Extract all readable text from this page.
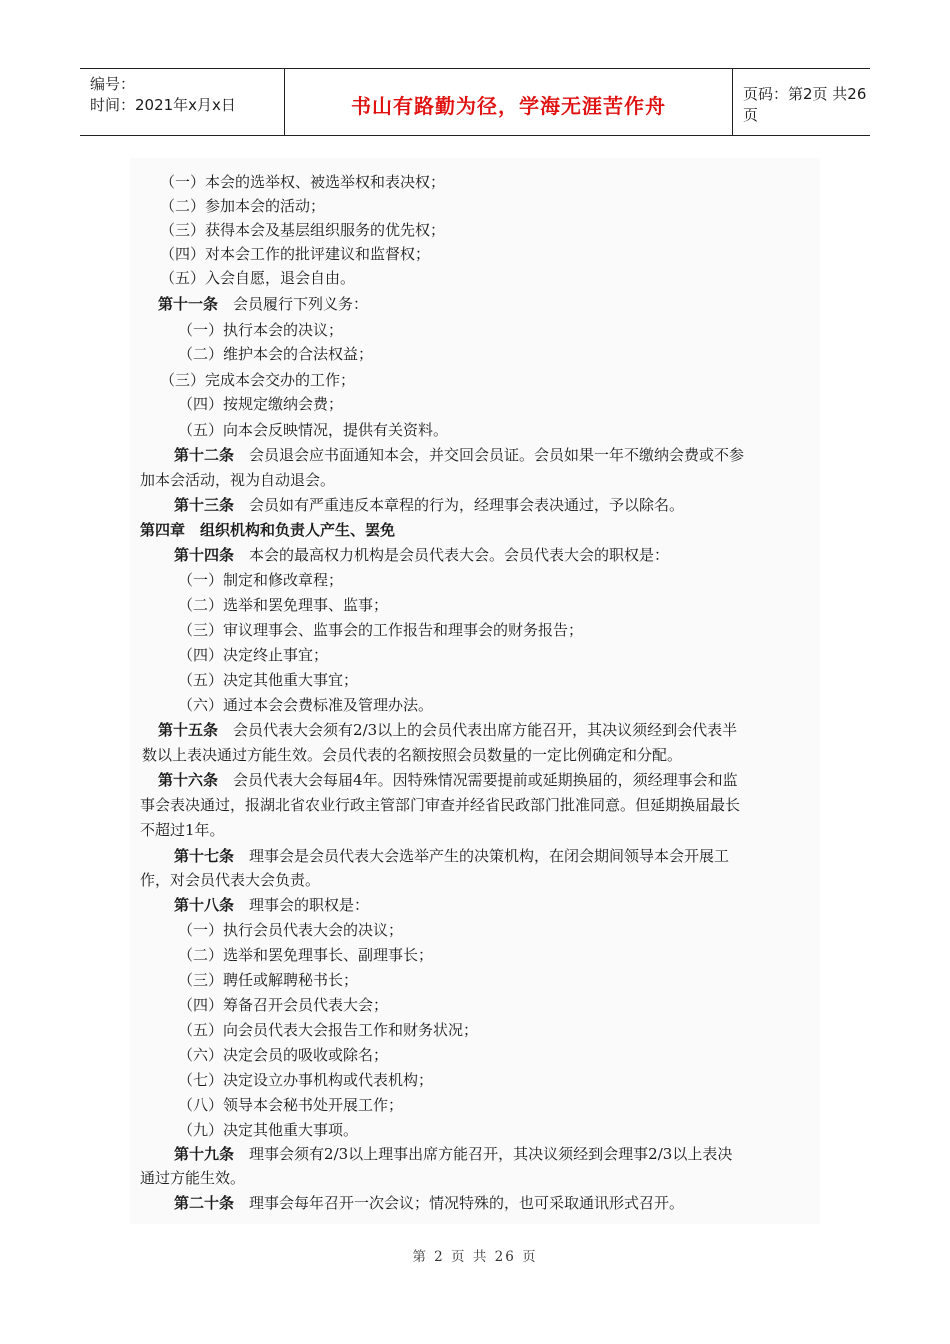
编号：
时间：2021年x月x日	书山有路勤为径，学海无涯苦作舟	页码：第2页 共26页
（一）本会的选举权、被选举权和表决权；
（二）参加本会的活动；
（三）获得本会及基层组织服务的优先权；
（四）对本会工作的批评建议和监督权；
（五）入会自愿，退会自由。
第十一条　 会员履行下列义务：
（一）执行本会的决议；
（二）维护本会的合法权益；
（三）完成本会交办的工作；
（四）按规定缴纳会费；
（五）向本会反映情况，提供有关资料。
第十二条　 会员退会应书面通知本会，并交回会员证。会员如果一年不缴纳会费或不参
加本会活动，视为自动退会。
第十三条　 会员如有严重违反本章程的行为，经理事会表决通过，予以除名。
第四章　组织机构和负责人产生、罢免
第十四条　 本会的最高权力机构是会员代表大会。会员代表大会的职权是：
（一）制定和修改章程；
（二）选举和罢免理事、监事；
（三）审议理事会、监事会的工作报告和理事会的财务报告；
（四）决定终止事宜；
（五）决定其他重大事宜；
（六）通过本会会费标准及管理办法。
第十五条　 会员代表大会须有2/3以上的会员代表出席方能召开，其决议须经到会代表半
数以上表决通过方能生效。会员代表的名额按照会员数量的一定比例确定和分配。
第十六条　 会员代表大会每届4年。因特殊情况需要提前或延期换届的，须经理事会和监
事会表决通过，报湖北省农业行政主管部门审查并经省民政部门批准同意。但延期换届最长
不超过1年。
第十七条　 理事会是会员代表大会选举产生的决策机构，在闭会期间领导本会开展工
作，对会员代表大会负责。
第十八条　 理事会的职权是：
（一）执行会员代表大会的决议；
（二）选举和罢免理事长、副理事长；
（三）聘任或解聘秘书长；
（四）筹备召开会员代表大会；
（五）向会员代表大会报告工作和财务状况；
（六）决定会员的吸收或除名；
（七）决定设立办事机构或代表机构；
（八）领导本会秘书处开展工作；
（九）决定其他重大事项。
第十九条　 理事会须有2/3以上理事出席方能召开，其决议须经到会理事2/3以上表决
通过方能生效。
第二十条　 理事会每年召开一次会议；情况特殊的，也可采取通讯形式召开。
第 2 页 共 26 页
